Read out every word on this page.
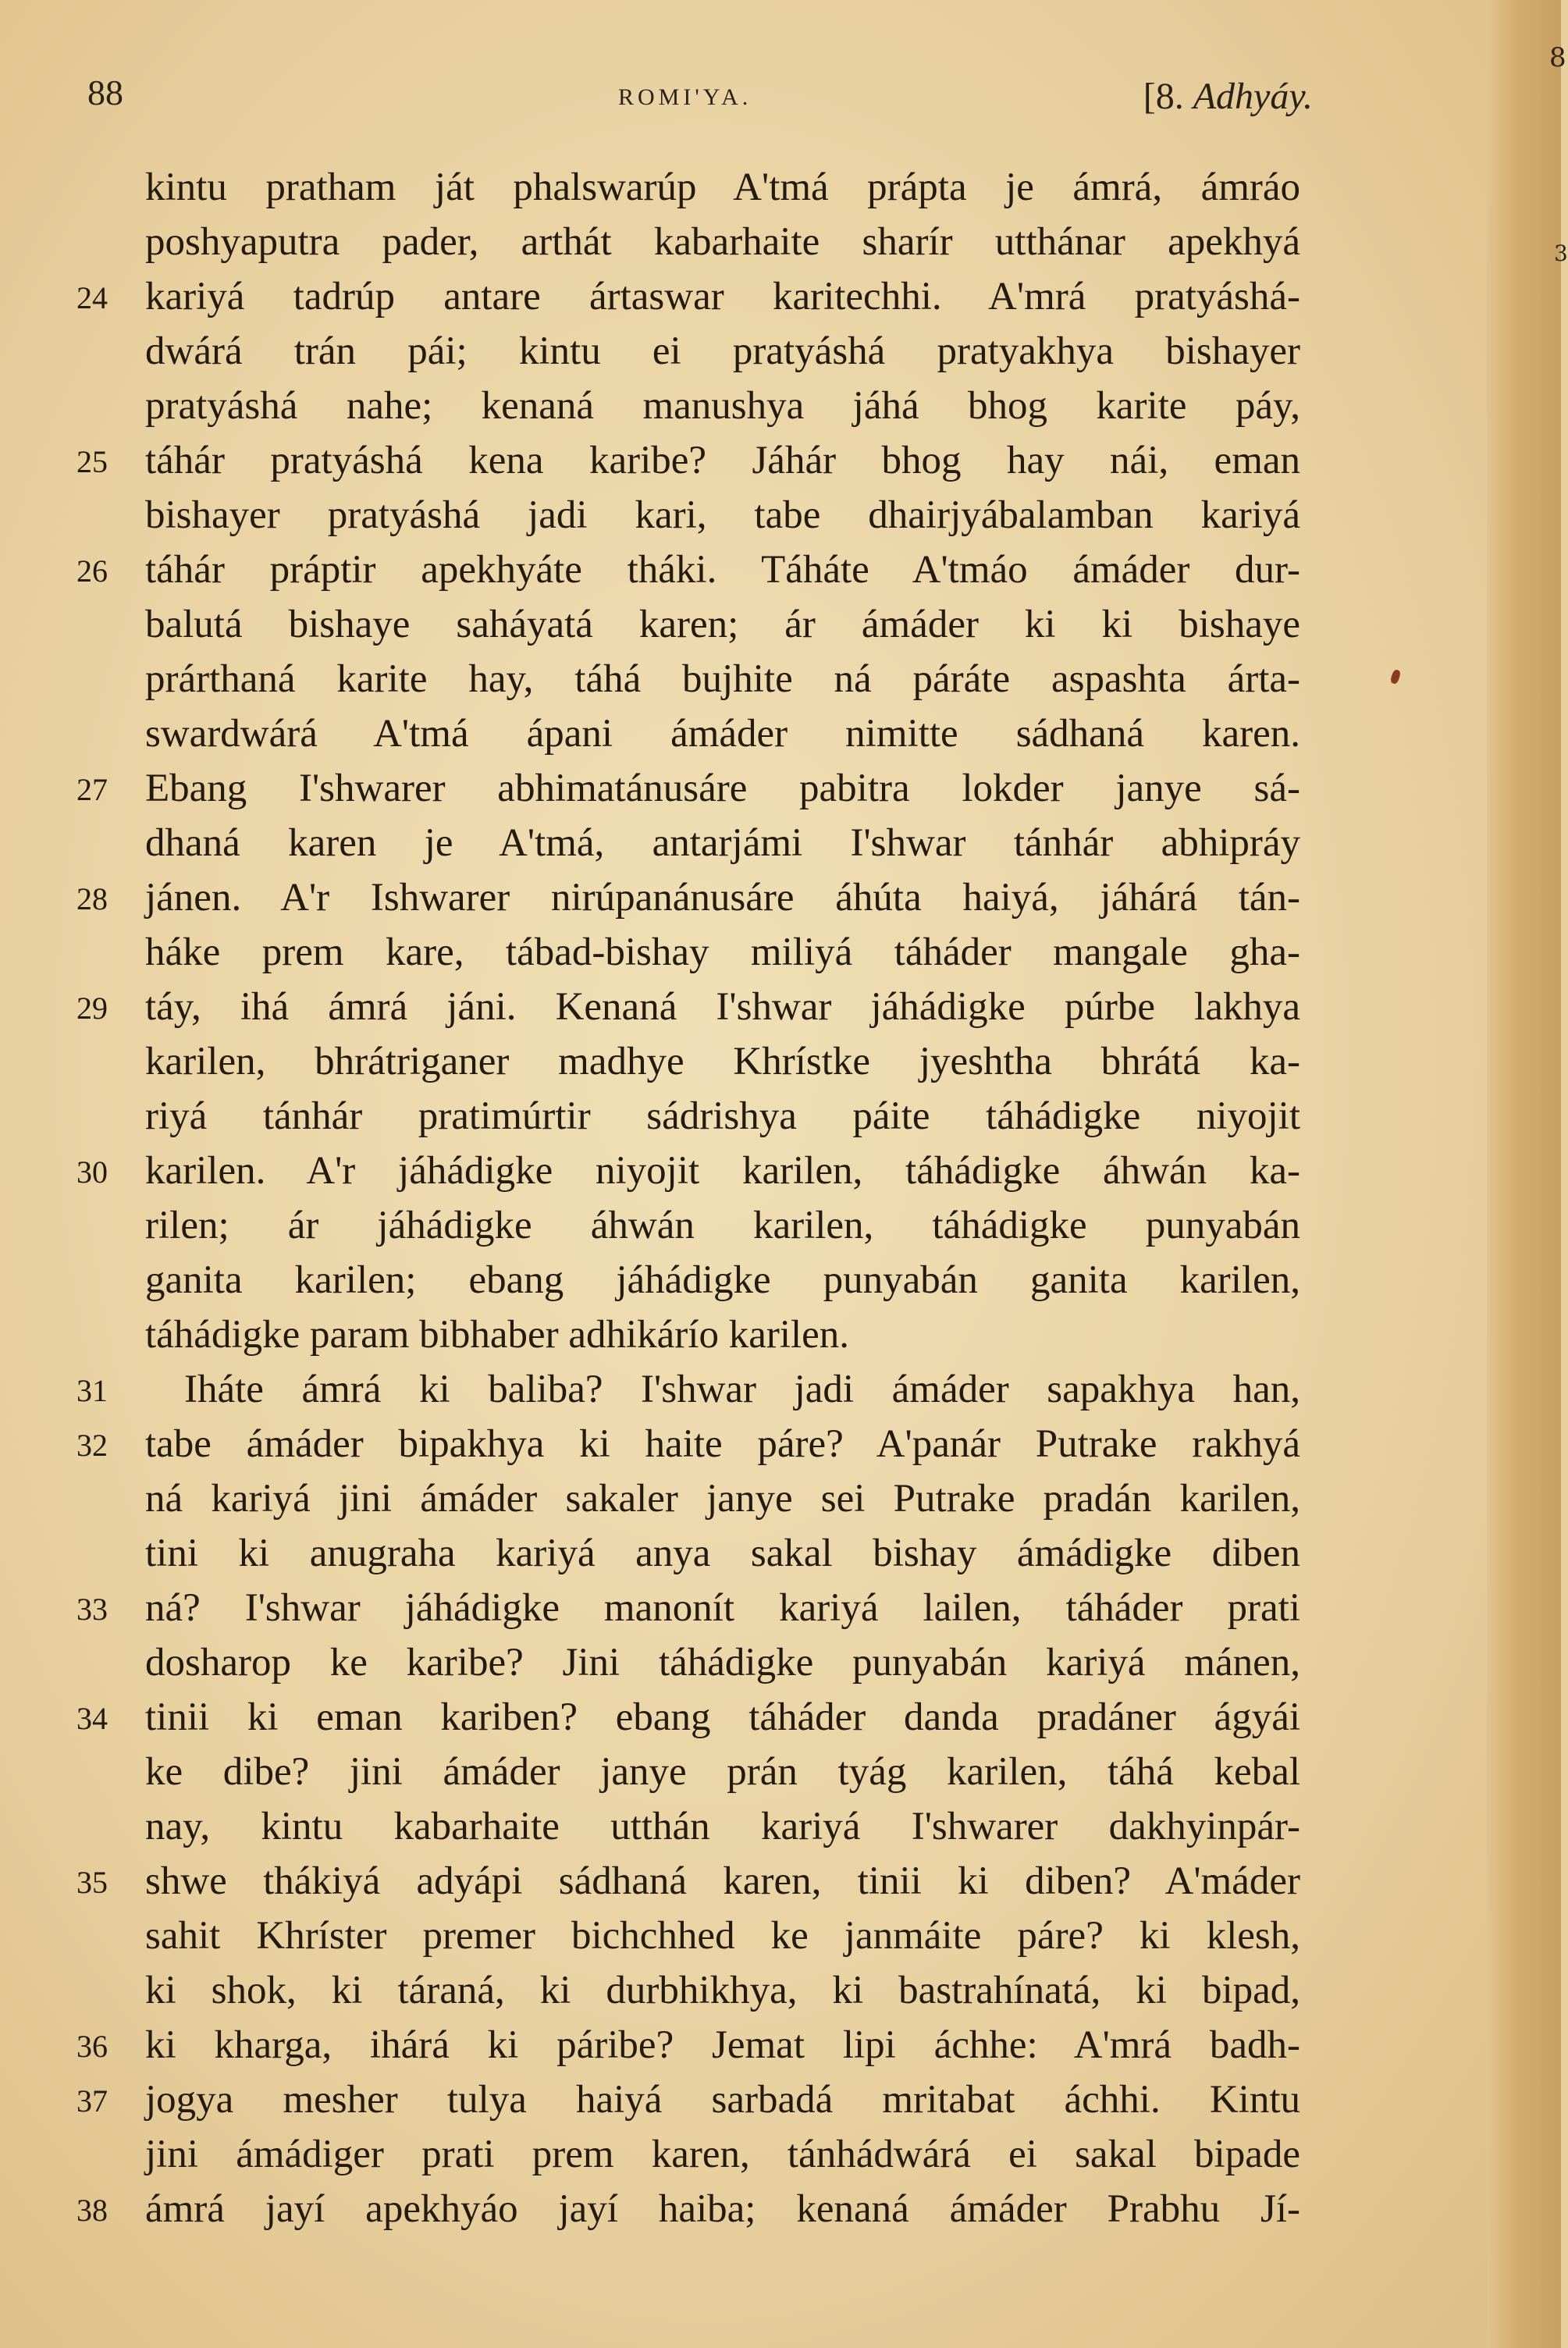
8
3
88	ROMI'YA.	[8. Adhyáy.
kintu pratham ját phalswarúp A'tmá prápta je ámrá, ámráo
poshyaputra pader, arthát kabarhaite sharír utthánar apekhyá
24 kariyá tadrúp antare ártaswar karitechhi. A'mrá pratyáshá-
dwárá trán pái; kintu ei pratyáshá pratyakhya bishayer
pratyáshá nahe; kenaná manushya jáhá bhog karite páy,
25 táhár pratyáshá kena karibe? Jáhár bhog hay nái, eman
bishayer pratyáshá jadi kari, tabe dhairjyábalamban kariyá
26 táhár práptir apekhyáte tháki. Táháte A'tmáo ámáder dur-
balutá bishaye saháyatá karen; ár ámáder ki ki bishaye
prárthaná karite hay, táhá bujhite ná páráte aspashta árta-
swardwárá A'tmá ápani ámáder nimitte sádhaná karen.
27 Ebang I'shwarer abhimatánusáre pabitra lokder janye sá-
dhaná karen je A'tmá, antarjámi I'shwar tánhár abhipráy
28 jánen. A'r Ishwarer nirúpanánusáre áhúta haiyá, jáhárá tán-
háke prem kare, tábad-bishay miliyá táháder mangale gha-
29 táy, ihá ámrá jáni. Kenaná I'shwar jáhádigke púrbe lakhya
karilen, bhrátriganer madhye Khrístke jyeshtha bhrátá ka-
riyá tánhár pratimúrtir sádrishya páite táhádigke niyojit
30 karilen. A'r jáhádigke niyojit karilen, táhádigke áhwán ka-
rilen; ár jáhádigke áhwán karilen, táhádigke punyabán
ganita karilen; ebang jáhádigke punyabán ganita karilen,
táhádigke param bibhaber adhikárío karilen.
31	Iháte ámrá ki baliba? I'shwar jadi ámáder sapakhya han,
32 tabe ámáder bipakhya ki haite páre? A'panár Putrake rakhyá
ná kariyá jini ámáder sakaler janye sei Putrake pradán karilen,
tini ki anugraha kariyá anya sakal bishay ámádigke diben
33 ná? I'shwar jáhádigke manonít kariyá lailen, táháder prati
dosharop ke karibe? Jini táhádigke punyabán kariyá mánen,
34 tinii ki eman kariben? ebang táháder danda pradáner ágyái
ke dibe? jini ámáder janye prán tyág karilen, táhá kebal
nay, kintu kabarhaite utthán kariyá I'shwarer dakhyinpár-
35 shwe thákiyá adyápi sádhaná karen, tinii ki diben? A'máder
sahit Khríster premer bichchhed ke janmáite páre? ki klesh,
ki shok, ki táraná, ki durbhikhya, ki bastrahínatá, ki bipad,
36 ki kharga, ihárá ki páribe? Jemat lipi áchhe: A'mrá badh-
37 jogya mesher tulya haiyá sarbadá mritabat áchhi. Kintu
jini ámádiger prati prem karen, tánhádwárá ei sakal bipade
38 ámrá jayí apekhyáo jayí haiba; kenaná ámáder Prabhu Jí-
